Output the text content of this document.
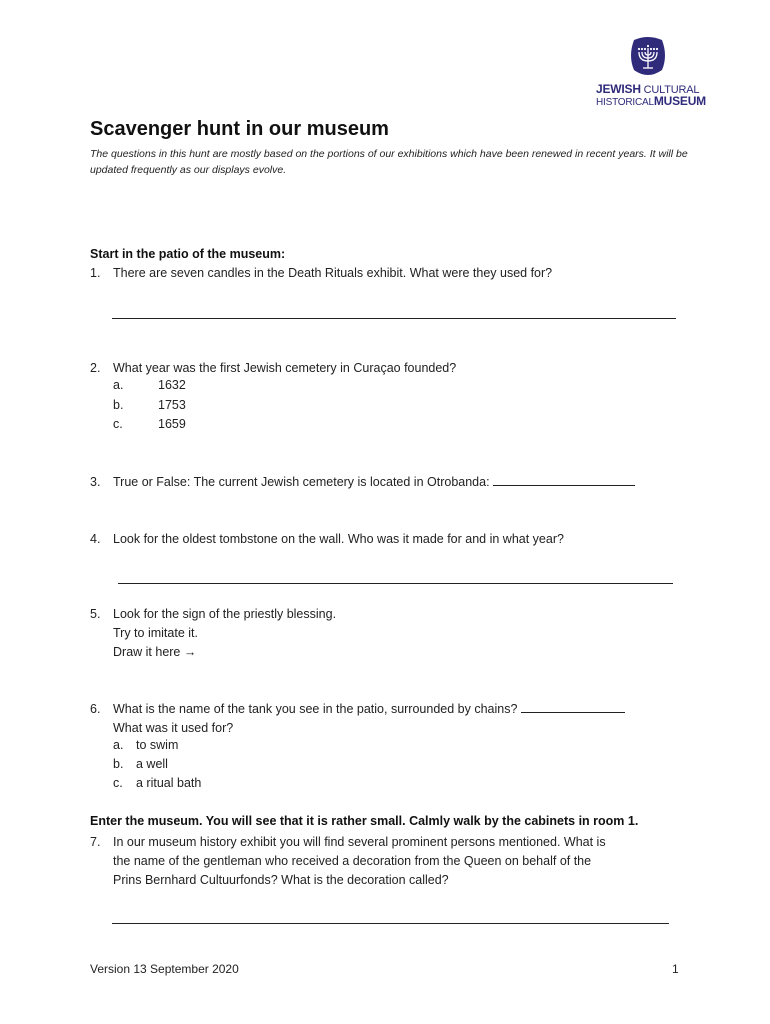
JEWISH CULTURAL
HISTORICALMUSEUM
Scavenger hunt in our museum
The questions in this hunt are mostly based on the portions of our exhibitions which have been renewed in recent years. It will be updated frequently as our displays evolve.
Start in the patio of the museum:
1. There are seven candles in the Death Rituals exhibit. What were they used for?
2. What year was the first Jewish cemetery in Curaçao founded?
a.	1632
b.	1753
c.	1659
3. True or False: The current Jewish cemetery is located in Otrobanda:
4. Look for the oldest tombstone on the wall. Who was it made for and in what year?
5. Look for the sign of the priestly blessing.
Try to imitate it.
Draw it here →
6. What is the name of the tank you see in the patio, surrounded by chains?
What was it used for?
a. to swim
b. a well
c. a ritual bath
Enter the museum. You will see that it is rather small. Calmly walk by the cabinets in room 1.
7. In our museum history exhibit you will find several prominent persons mentioned. What is
the name of the gentleman who received a decoration from the Queen on behalf of the
Prins Bernhard Cultuurfonds? What is the decoration called?
Version 13 September 2020	1
